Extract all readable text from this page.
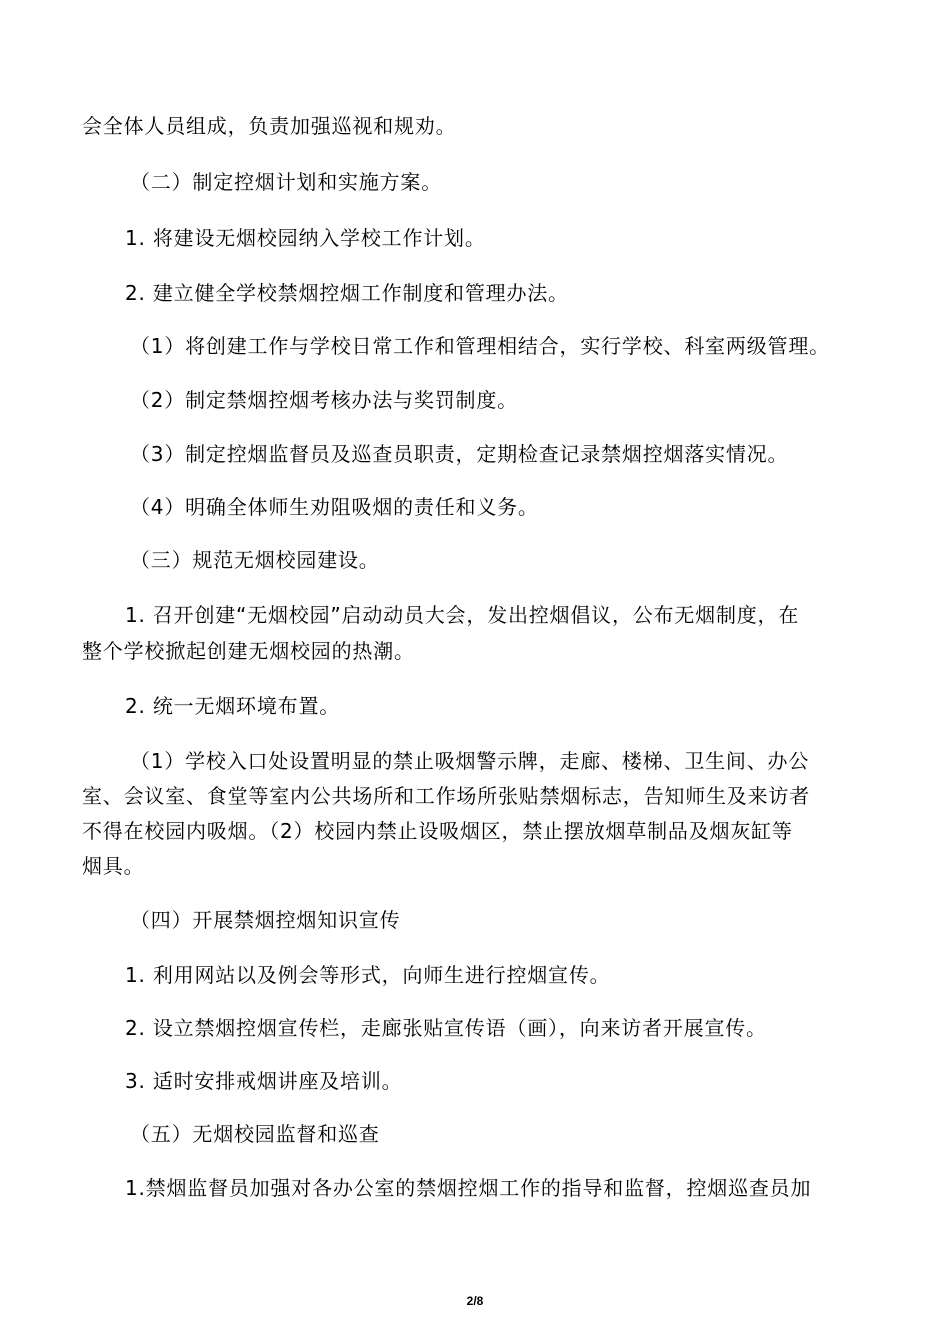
会全体人员组成，负责加强巡视和规劝。
（二）制定控烟计划和实施方案。
1. 将建设无烟校园纳入学校工作计划。
2. 建立健全学校禁烟控烟工作制度和管理办法。
（1）将创建工作与学校日常工作和管理相结合，实行学校、科室两级管理。
（2）制定禁烟控烟考核办法与奖罚制度。
（3）制定控烟监督员及巡查员职责，定期检查记录禁烟控烟落实情况。
（4）明确全体师生劝阻吸烟的责任和义务。
（三）规范无烟校园建设。
1. 召开创建“无烟校园”启动动员大会，发出控烟倡议，公布无烟制度，在
整个学校掀起创建无烟校园的热潮。
2. 统一无烟环境布置。
（1）学校入口处设置明显的禁止吸烟警示牌，走廊、楼梯、卫生间、办公
室、会议室、食堂等室内公共场所和工作场所张贴禁烟标志，告知师生及来访者
不得在校园内吸烟。（2）校园内禁止设吸烟区，禁止摆放烟草制品及烟灰缸等
烟具。
（四）开展禁烟控烟知识宣传
1. 利用网站以及例会等形式，向师生进行控烟宣传。
2. 设立禁烟控烟宣传栏，走廊张贴宣传语（画），向来访者开展宣传。
3. 适时安排戒烟讲座及培训。
（五）无烟校园监督和巡查
1.禁烟监督员加强对各办公室的禁烟控烟工作的指导和监督，控烟巡查员加
2/8
